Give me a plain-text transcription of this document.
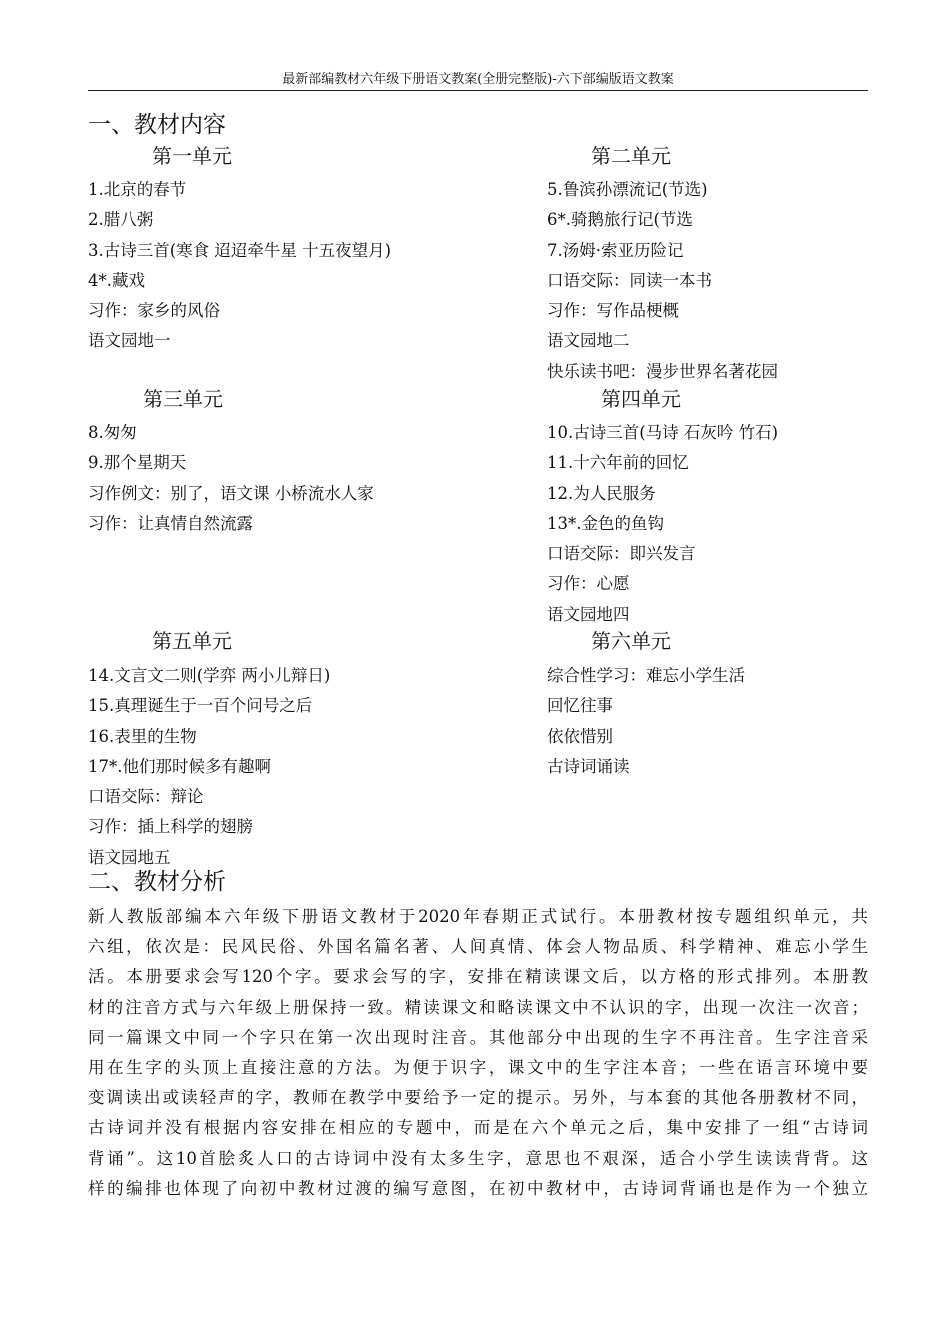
最新部编教材六年级下册语文教案(全册完整版)-六下部编版语文教案
一、教材内容
第一单元
1.北京的春节
2.腊八粥
3.古诗三首(寒食 迢迢牵牛星 十五夜望月)
4*.藏戏
习作：家乡的风俗
语文园地一
第二单元
5.鲁滨孙漂流记(节选)
6*.骑鹅旅行记(节选
7.汤姆·索亚历险记
口语交际：同读一本书
习作：写作品梗概
语文园地二
快乐读书吧：漫步世界名著花园
第三单元
8.匆匆
9.那个星期天
习作例文：别了，语文课 小桥流水人家
习作：让真情自然流露
第四单元
10.古诗三首(马诗 石灰吟 竹石)
11.十六年前的回忆
12.为人民服务
13*.金色的鱼钩
口语交际：即兴发言
习作：心愿
语文园地四
第五单元
14.文言文二则(学弈 两小儿辩日)
15.真理诞生于一百个问号之后
16.表里的生物
17*.他们那时候多有趣啊
口语交际：辩论
习作：插上科学的翅膀
语文园地五
第六单元
综合性学习：难忘小学生活
回忆往事
依依惜别
古诗词诵读
二、教材分析
新人教版部编本六年级下册语文教材于2020年春期正式试行。本册教材按专题组织单元，共
六组，依次是：民风民俗、外国名篇名著、人间真情、体会人物品质、科学精神、难忘小学生
活。本册要求会写120个字。要求会写的字，安排在精读课文后，以方格的形式排列。本册教
材的注音方式与六年级上册保持一致。精读课文和略读课文中不认识的字，出现一次注一次音；
同一篇课文中同一个字只在第一次出现时注音。其他部分中出现的生字不再注音。生字注音采
用在生字的头顶上直接注意的方法。为便于识字，课文中的生字注本音；一些在语言环境中要
变调读出或读轻声的字，教师在教学中要给予一定的提示。另外，与本套的其他各册教材不同，
古诗词并没有根据内容安排在相应的专题中，而是在六个单元之后，集中安排了一组“古诗词
背诵”。这10首脍炙人口的古诗词中没有太多生字，意思也不艰深，适合小学生读读背背。这
样的编排也体现了向初中教材过渡的编写意图，在初中教材中，古诗词背诵也是作为一个独立
